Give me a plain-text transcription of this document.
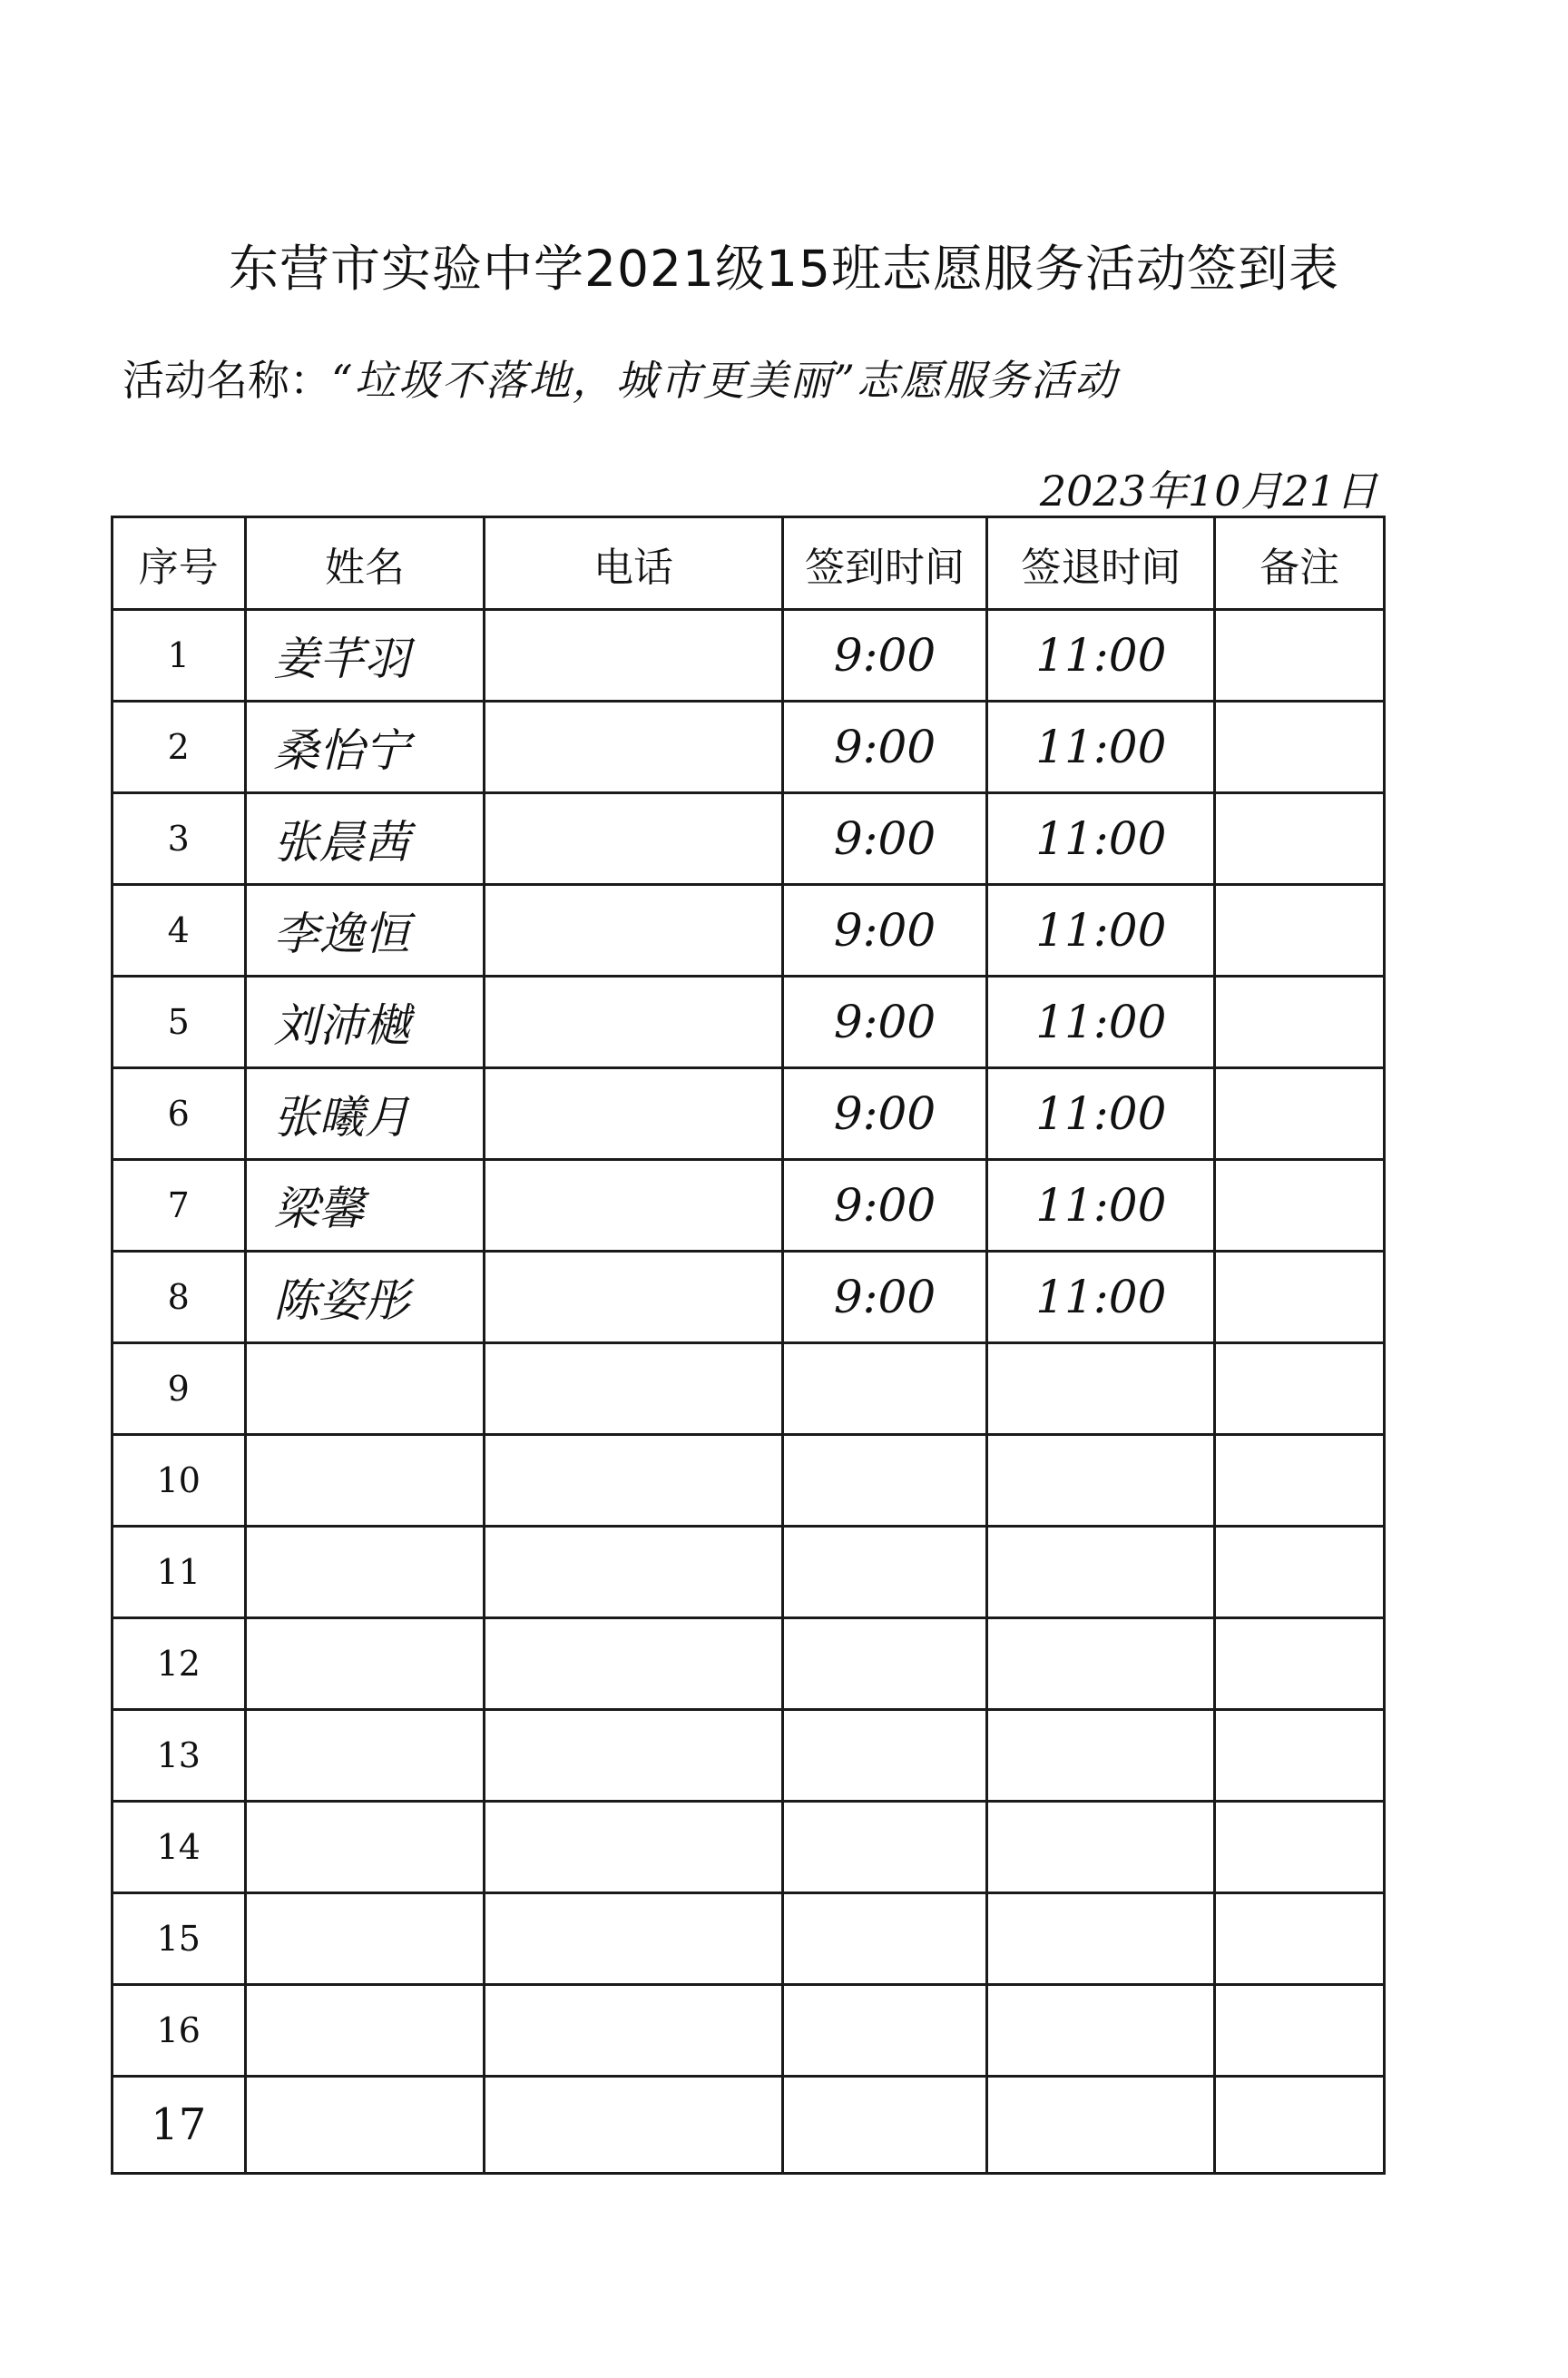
东营市实验中学2021级15班志愿服务活动签到表
活动名称：“垃圾不落地，城市更美丽”志愿服务活动
2023年10月21日
序号	姓名	电话	签到时间	签退时间	备注
1	姜芊羽		9:00	11:00	
2	桑怡宁		9:00	11:00	
3	张晨茜		9:00	11:00	
4	李逸恒		9:00	11:00	
5	刘沛樾		9:00	11:00	
6	张曦月		9:00	11:00	
7	梁馨		9:00	11:00	
8	陈姿彤		9:00	11:00	
9					
10					
11					
12					
13					
14					
15					
16					
17					
